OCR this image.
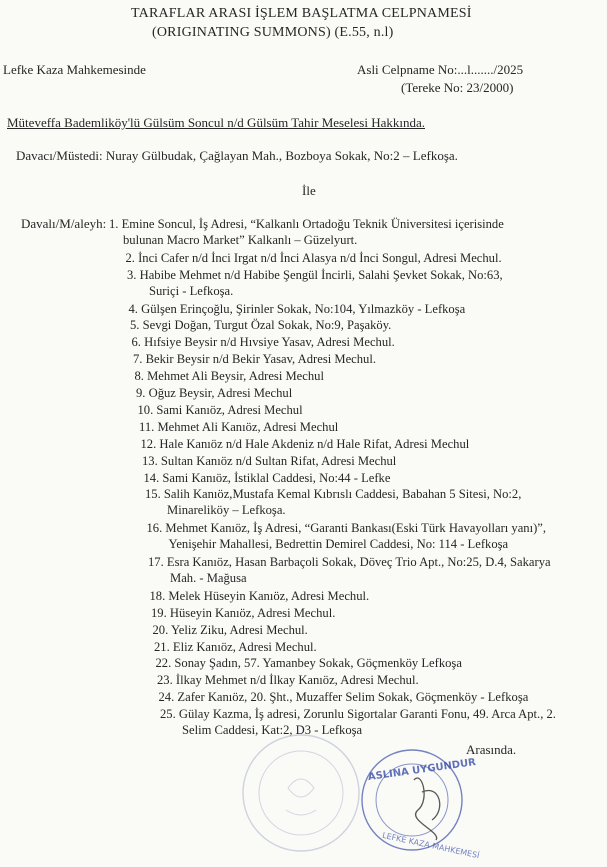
TARAFLAR ARASI İŞLEM BAŞLATMA CELPNAMESİ
(ORIGINATING SUMMONS) (E.55, n.l)
Lefke Kaza Mahkemesinde	Asli Celpname No:...l......./2025
(Tereke No: 23/2000)
Müteveffa Bademliköy'lü Gülsüm Soncul n/d Gülsüm Tahir Meselesi Hakkında.
Davacı/Müstedi: Nuray Gülbudak, Çağlayan Mah., Bozboya Sokak, No:2 – Lefkoşa.
İle
Davalı/M/aleyh: 1. Emine Soncul, İş Adresi, “Kalkanlı Ortadoğu Teknik Üniversitesi içerisinde
bulunan Macro Market” Kalkanlı – Güzelyurt.
2. İnci Cafer n/d İnci Irgat n/d İnci Alasya n/d İnci Songul, Adresi Mechul.
3. Habibe Mehmet n/d Habibe Şengül İncirli, Salahi Şevket Sokak, No:63,
Suriçi - Lefkoşa.
4. Gülşen Erinçoğlu, Şirinler Sokak, No:104, Yılmazköy - Lefkoşa
5. Sevgi Doğan, Turgut Özal Sokak, No:9, Paşaköy.
6. Hıfsiye Beysir n/d Hıvsiye Yasav, Adresi Mechul.
7. Bekir Beysir n/d Bekir Yasav, Adresi Mechul.
8. Mehmet Ali Beysir, Adresi Mechul
9. Oğuz Beysir, Adresi Mechul
10. Sami Kanıöz, Adresi Mechul
11. Mehmet Ali Kanıöz, Adresi Mechul
12. Hale Kanıöz n/d Hale Akdeniz n/d Hale Rifat, Adresi Mechul
13. Sultan Kanıöz n/d Sultan Rifat, Adresi Mechul
14. Sami Kanıöz, İstiklal Caddesi, No:44 - Lefke
15. Salih Kanıöz,Mustafa Kemal Kıbrıslı Caddesi, Babahan 5 Sitesi, No:2,
Minareliköy – Lefkoşa.
16. Mehmet Kanıöz, İş Adresi, “Garanti Bankası(Eski Türk Havayolları yanı)”,
Yenişehir Mahallesi, Bedrettin Demirel Caddesi, No: 114 - Lefkoşa
17. Esra Kanıöz, Hasan Barbaçoli Sokak, Döveç Trio Apt., No:25, D.4, Sakarya
Mah. - Mağusa
18. Melek Hüseyin Kanıöz, Adresi Mechul.
19. Hüseyin Kanıöz, Adresi Mechul.
20. Yeliz Ziku, Adresi Mechul.
21. Eliz Kanıöz, Adresi Mechul.
22. Sonay Şadın, 57. Yamanbey Sokak, Göçmenköy Lefkoşa
23. İlkay Mehmet n/d İlkay Kanıöz, Adresi Mechul.
24. Zafer Kanıöz, 20. Şht., Muzaffer Selim Sokak, Göçmenköy - Lefkoşa
25. Gülay Kazma, İş adresi, Zorunlu Sigortalar Garanti Fonu, 49. Arca Apt., 2.
Selim Caddesi, Kat:2, D3 - Lefkoşa
Arasında.
ASLINA UYGUNDUR
LEFKE KAZA MAHKEMESİ
